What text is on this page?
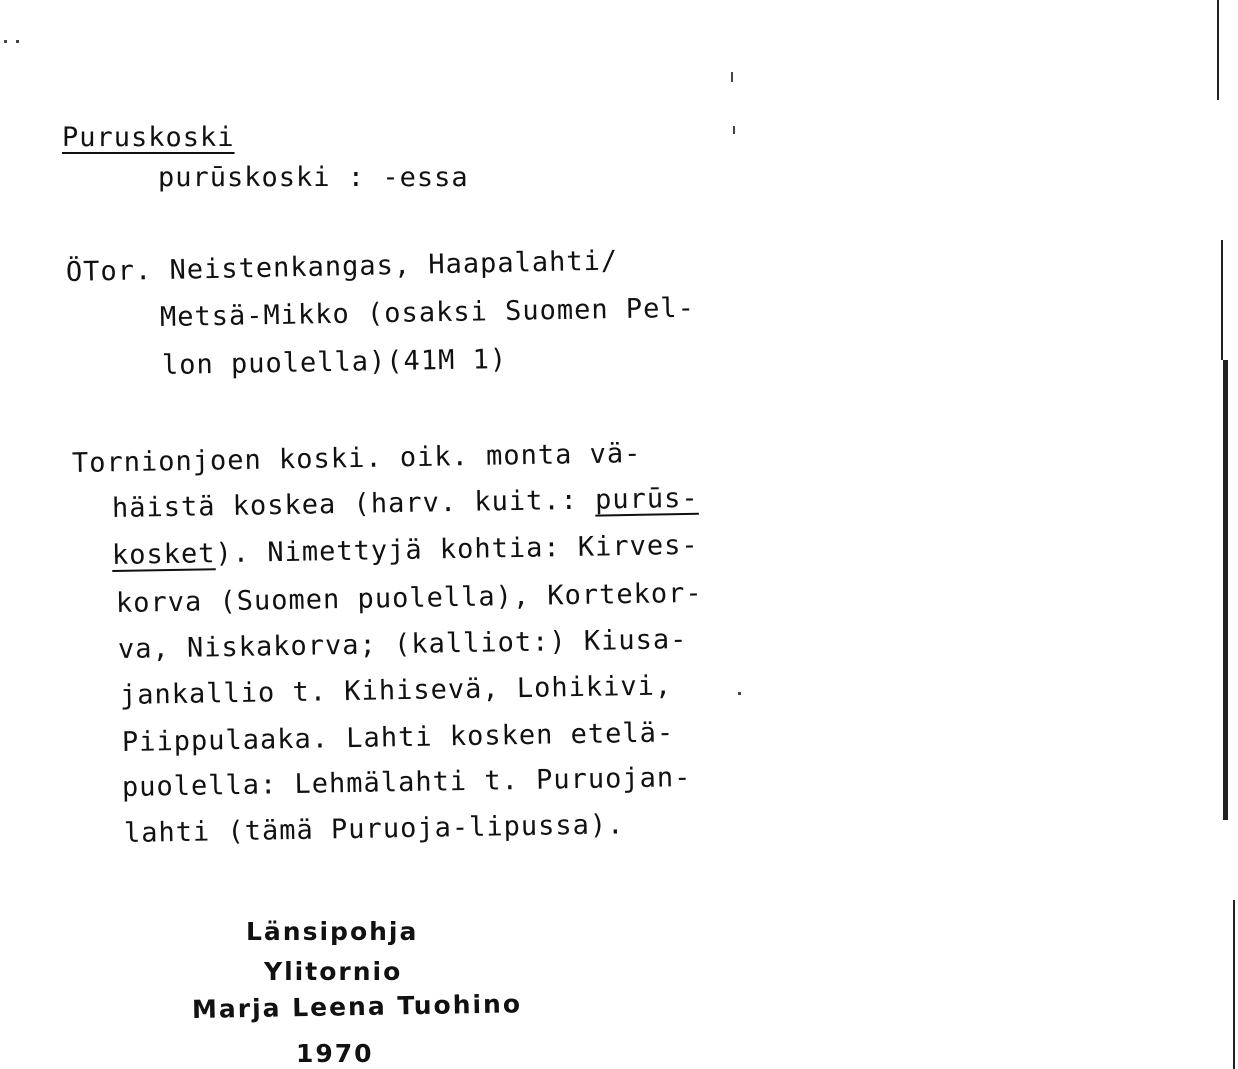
Puruskoski
purūskoski : -essa
ÖTor. Neistenkangas, Haapalahti/
Metsä-Mikko (osaksi Suomen Pel-
lon puolella)(41M 1)
Tornionjoen koski. oik. monta vä-
häistä koskea (harv. kuit.: purūs-
kosket). Nimettyjä kohtia: Kirves-
korva (Suomen puolella), Kortekor-
va, Niskakorva; (kalliot:) Kiusa-
jankallio t. Kihisevä, Lohikivi,
Piippulaaka. Lahti kosken etelä-
puolella: Lehmälahti t. Puruojan-
lahti (tämä Puruoja-lipussa).
Länsipohja
Ylitornio
Marja Leena Tuohino
1970
